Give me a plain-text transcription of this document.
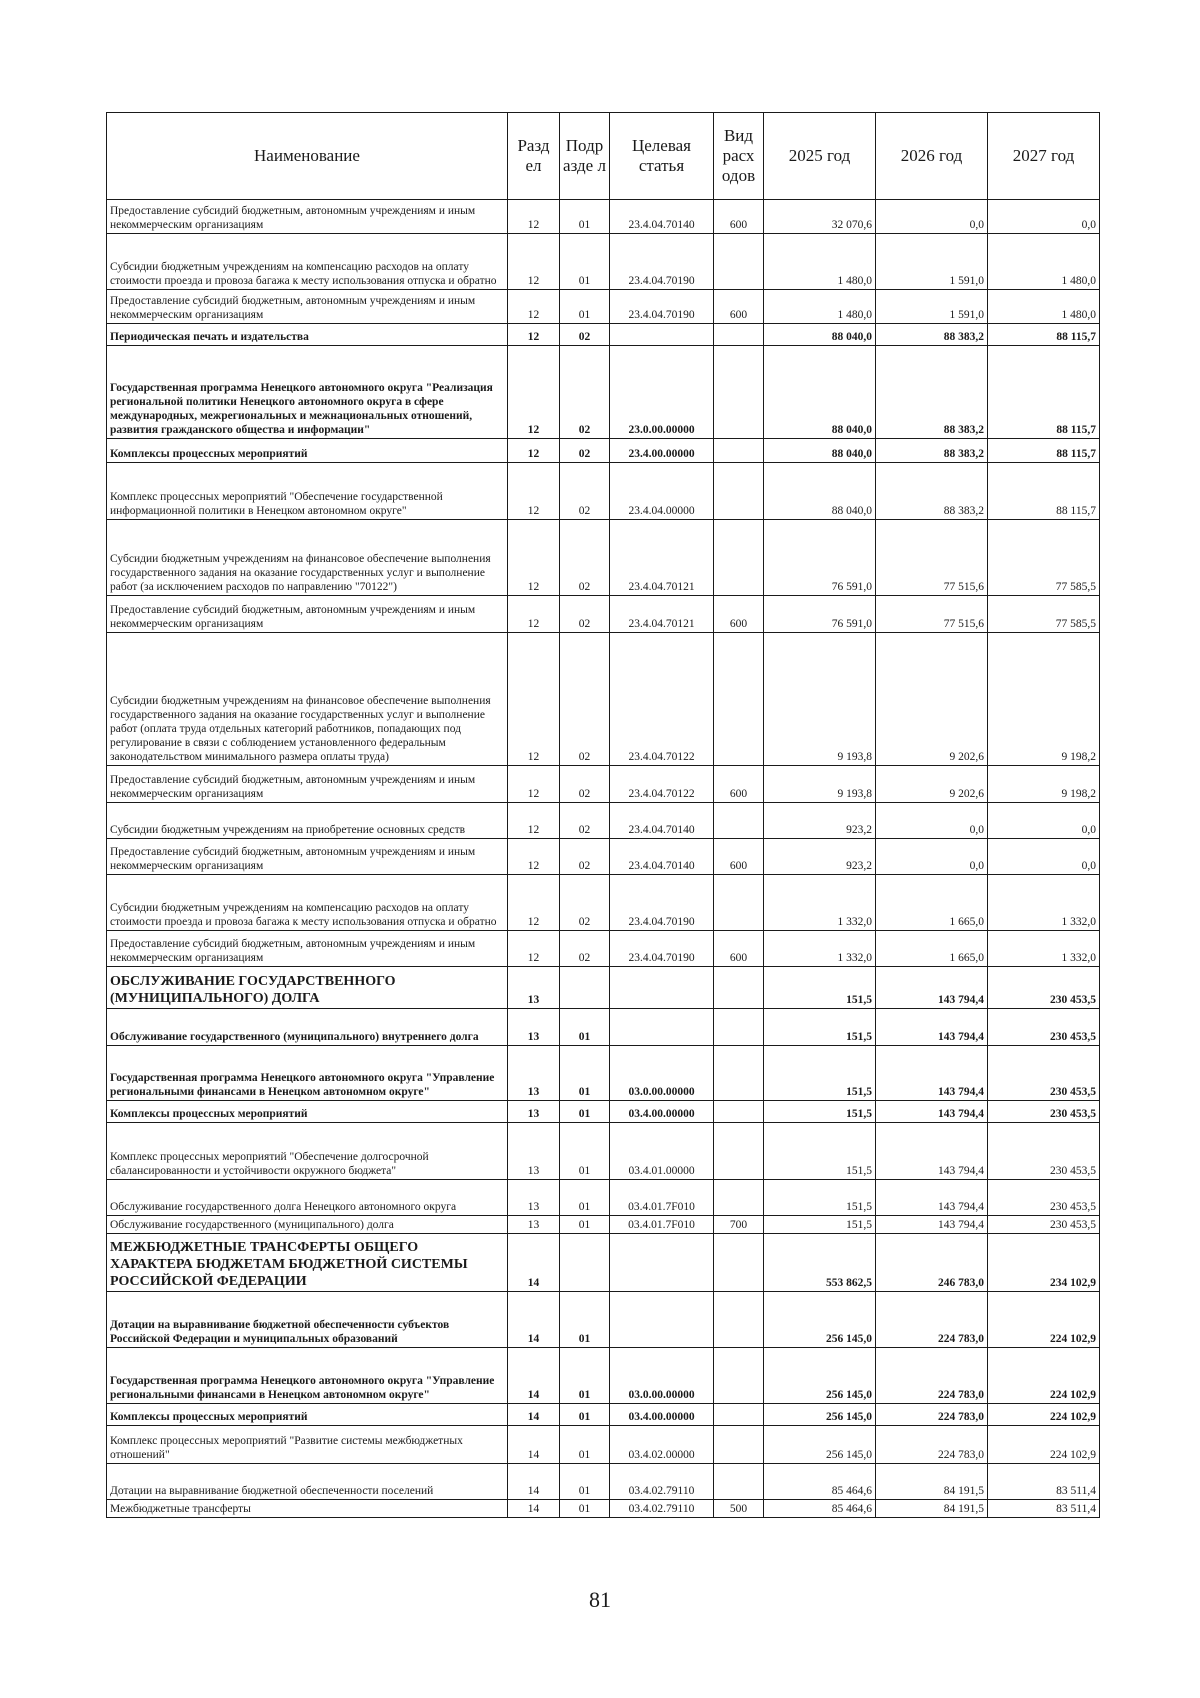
Наименование	Разд ел	Подр азде л	Целевая статья	Вид расх одов	2025 год	2026 год	2027 год
Предоставление субсидий бюджетным, автономным учреждениям и иным некоммерческим организациям	12	01	23.4.04.70140	600	32 070,6	0,0	0,0
Субсидии бюджетным учреждениям на компенсацию расходов на оплату стоимости проезда и провоза багажа к месту использования отпуска и обратно	12	01	23.4.04.70190		1 480,0	1 591,0	1 480,0
Предоставление субсидий бюджетным, автономным учреждениям и иным некоммерческим организациям	12	01	23.4.04.70190	600	1 480,0	1 591,0	1 480,0
Периодическая печать и издательства	12	02			88 040,0	88 383,2	88 115,7
Государственная программа Ненецкого автономного округа "Реализация региональной политики Ненецкого автономного округа в сфере международных, межрегиональных и межнациональных отношений, развития гражданского общества и информации"	12	02	23.0.00.00000		88 040,0	88 383,2	88 115,7
Комплексы процессных мероприятий	12	02	23.4.00.00000		88 040,0	88 383,2	88 115,7
Комплекс процессных мероприятий "Обеспечение государственной информационной политики в Ненецком автономном округе"	12	02	23.4.04.00000		88 040,0	88 383,2	88 115,7
Субсидии бюджетным учреждениям на финансовое обеспечение выполнения государственного задания на оказание государственных услуг и выполнение работ (за исключением расходов по направлению "70122")	12	02	23.4.04.70121		76 591,0	77 515,6	77 585,5
Предоставление субсидий бюджетным, автономным учреждениям и иным некоммерческим организациям	12	02	23.4.04.70121	600	76 591,0	77 515,6	77 585,5
Субсидии бюджетным учреждениям на финансовое обеспечение выполнения государственного задания на оказание государственных услуг и выполнение работ (оплата труда отдельных категорий работников, попадающих под регулирование в связи с соблюдением установленного федеральным законодательством минимального размера оплаты труда)	12	02	23.4.04.70122		9 193,8	9 202,6	9 198,2
Предоставление субсидий бюджетным, автономным учреждениям и иным некоммерческим организациям	12	02	23.4.04.70122	600	9 193,8	9 202,6	9 198,2
Субсидии бюджетным учреждениям на приобретение основных средств	12	02	23.4.04.70140		923,2	0,0	0,0
Предоставление субсидий бюджетным, автономным учреждениям и иным некоммерческим организациям	12	02	23.4.04.70140	600	923,2	0,0	0,0
Субсидии бюджетным учреждениям на компенсацию расходов на оплату стоимости проезда и провоза багажа к месту использования отпуска и обратно	12	02	23.4.04.70190		1 332,0	1 665,0	1 332,0
Предоставление субсидий бюджетным, автономным учреждениям и иным некоммерческим организациям	12	02	23.4.04.70190	600	1 332,0	1 665,0	1 332,0
ОБСЛУЖИВАНИЕ ГОСУДАРСТВЕННОГО (МУНИЦИПАЛЬНОГО) ДОЛГА	13				151,5	143 794,4	230 453,5
Обслуживание государственного (муниципального) внутреннего долга	13	01			151,5	143 794,4	230 453,5
Государственная программа Ненецкого автономного округа "Управление региональными финансами в Ненецком автономном округе"	13	01	03.0.00.00000		151,5	143 794,4	230 453,5
Комплексы процессных мероприятий	13	01	03.4.00.00000		151,5	143 794,4	230 453,5
Комплекс процессных мероприятий "Обеспечение долгосрочной сбалансированности и устойчивости окружного бюджета"	13	01	03.4.01.00000		151,5	143 794,4	230 453,5
Обслуживание государственного долга Ненецкого автономного округа	13	01	03.4.01.7F010		151,5	143 794,4	230 453,5
Обслуживание государственного (муниципального) долга	13	01	03.4.01.7F010	700	151,5	143 794,4	230 453,5
МЕЖБЮДЖЕТНЫЕ ТРАНСФЕРТЫ ОБЩЕГО ХАРАКТЕРА БЮДЖЕТАМ БЮДЖЕТНОЙ СИСТЕМЫ РОССИЙСКОЙ ФЕДЕРАЦИИ	14				553 862,5	246 783,0	234 102,9
Дотации на выравнивание бюджетной обеспеченности субъектов Российской Федерации и муниципальных образований	14	01			256 145,0	224 783,0	224 102,9
Государственная программа Ненецкого автономного округа "Управление региональными финансами в Ненецком автономном округе"	14	01	03.0.00.00000		256 145,0	224 783,0	224 102,9
Комплексы процессных мероприятий	14	01	03.4.00.00000		256 145,0	224 783,0	224 102,9
Комплекс процессных мероприятий "Развитие системы межбюджетных отношений"	14	01	03.4.02.00000		256 145,0	224 783,0	224 102,9
Дотации на выравнивание бюджетной обеспеченности поселений	14	01	03.4.02.79110		85 464,6	84 191,5	83 511,4
Межбюджетные трансферты	14	01	03.4.02.79110	500	85 464,6	84 191,5	83 511,4
81
